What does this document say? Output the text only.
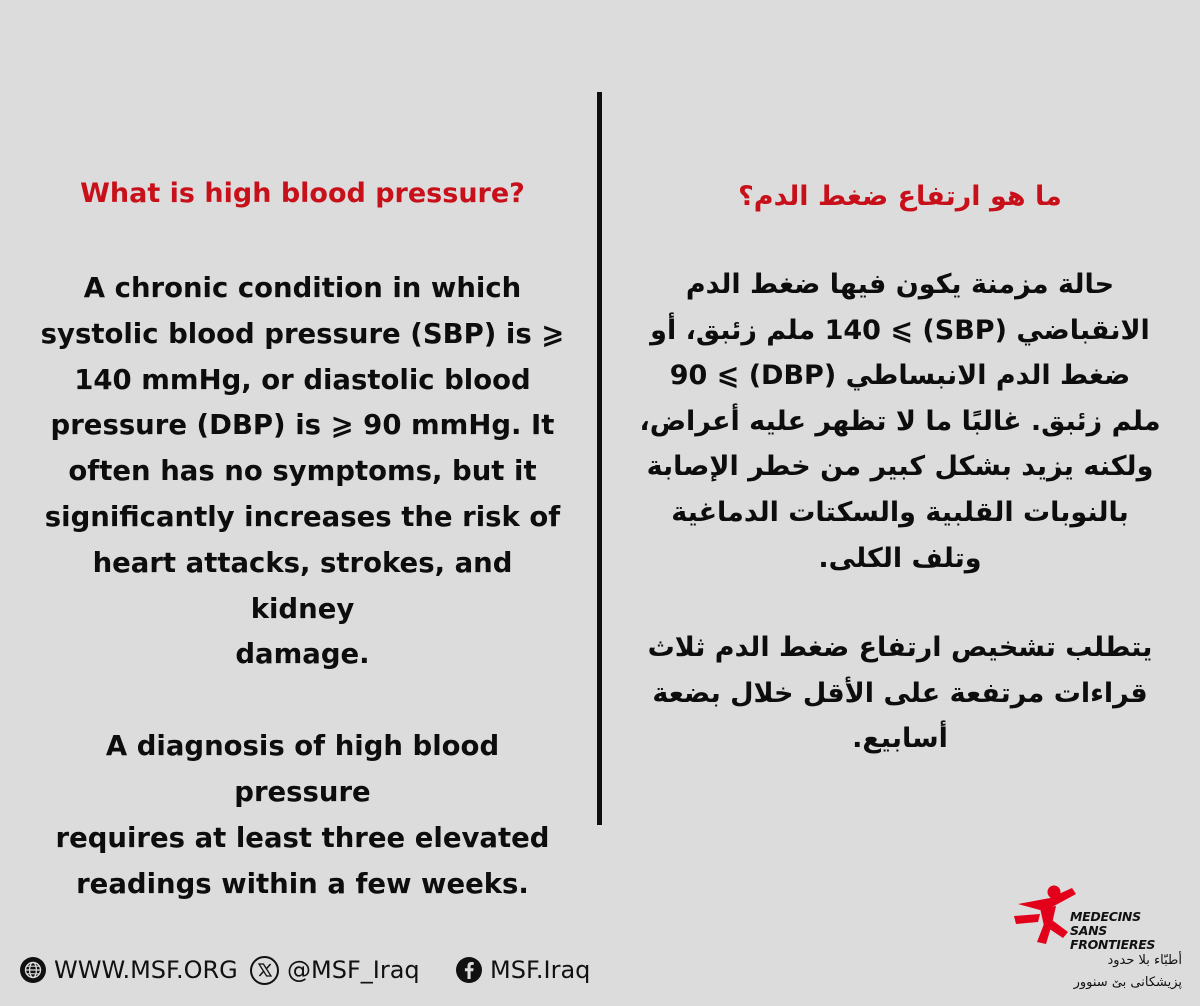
What is high blood pressure?

A chronic condition in which
systolic blood pressure (SBP) is ⩾
140 mmHg, or diastolic blood
pressure (DBP) is ⩾ 90 mmHg. It
often has no symptoms, but it
significantly increases the risk of
heart attacks, strokes, and kidney
damage.
A diagnosis of high blood pressure
requires at least three elevated
readings within a few weeks.

ما هو ارتفاع ضغط الدم؟

حالة مزمنة يكون فيها ضغط الدم
الانقباضي (SBP) ⩾ 140 ملم زئبق، أو
ضغط الدم الانبساطي (DBP) ⩾ 90
ملم زئبق. غالبًا ما لا تظهر عليه أعراض،
ولكنه يزيد بشكل كبير من خطر الإصابة
بالنوبات القلبية والسكتات الدماغية
وتلف الكلى.
يتطلب تشخيص ارتفاع ضغط الدم ثلاث
قراءات مرتفعة على الأقل خلال بضعة
أسابيع.
WWW.MSF.ORG @MSF_Iraq	MSF.Iraq
MEDECINS
SANS FRONTIERES
أطبّاء بلا حدود
پزیشکانی بێ سنوور
